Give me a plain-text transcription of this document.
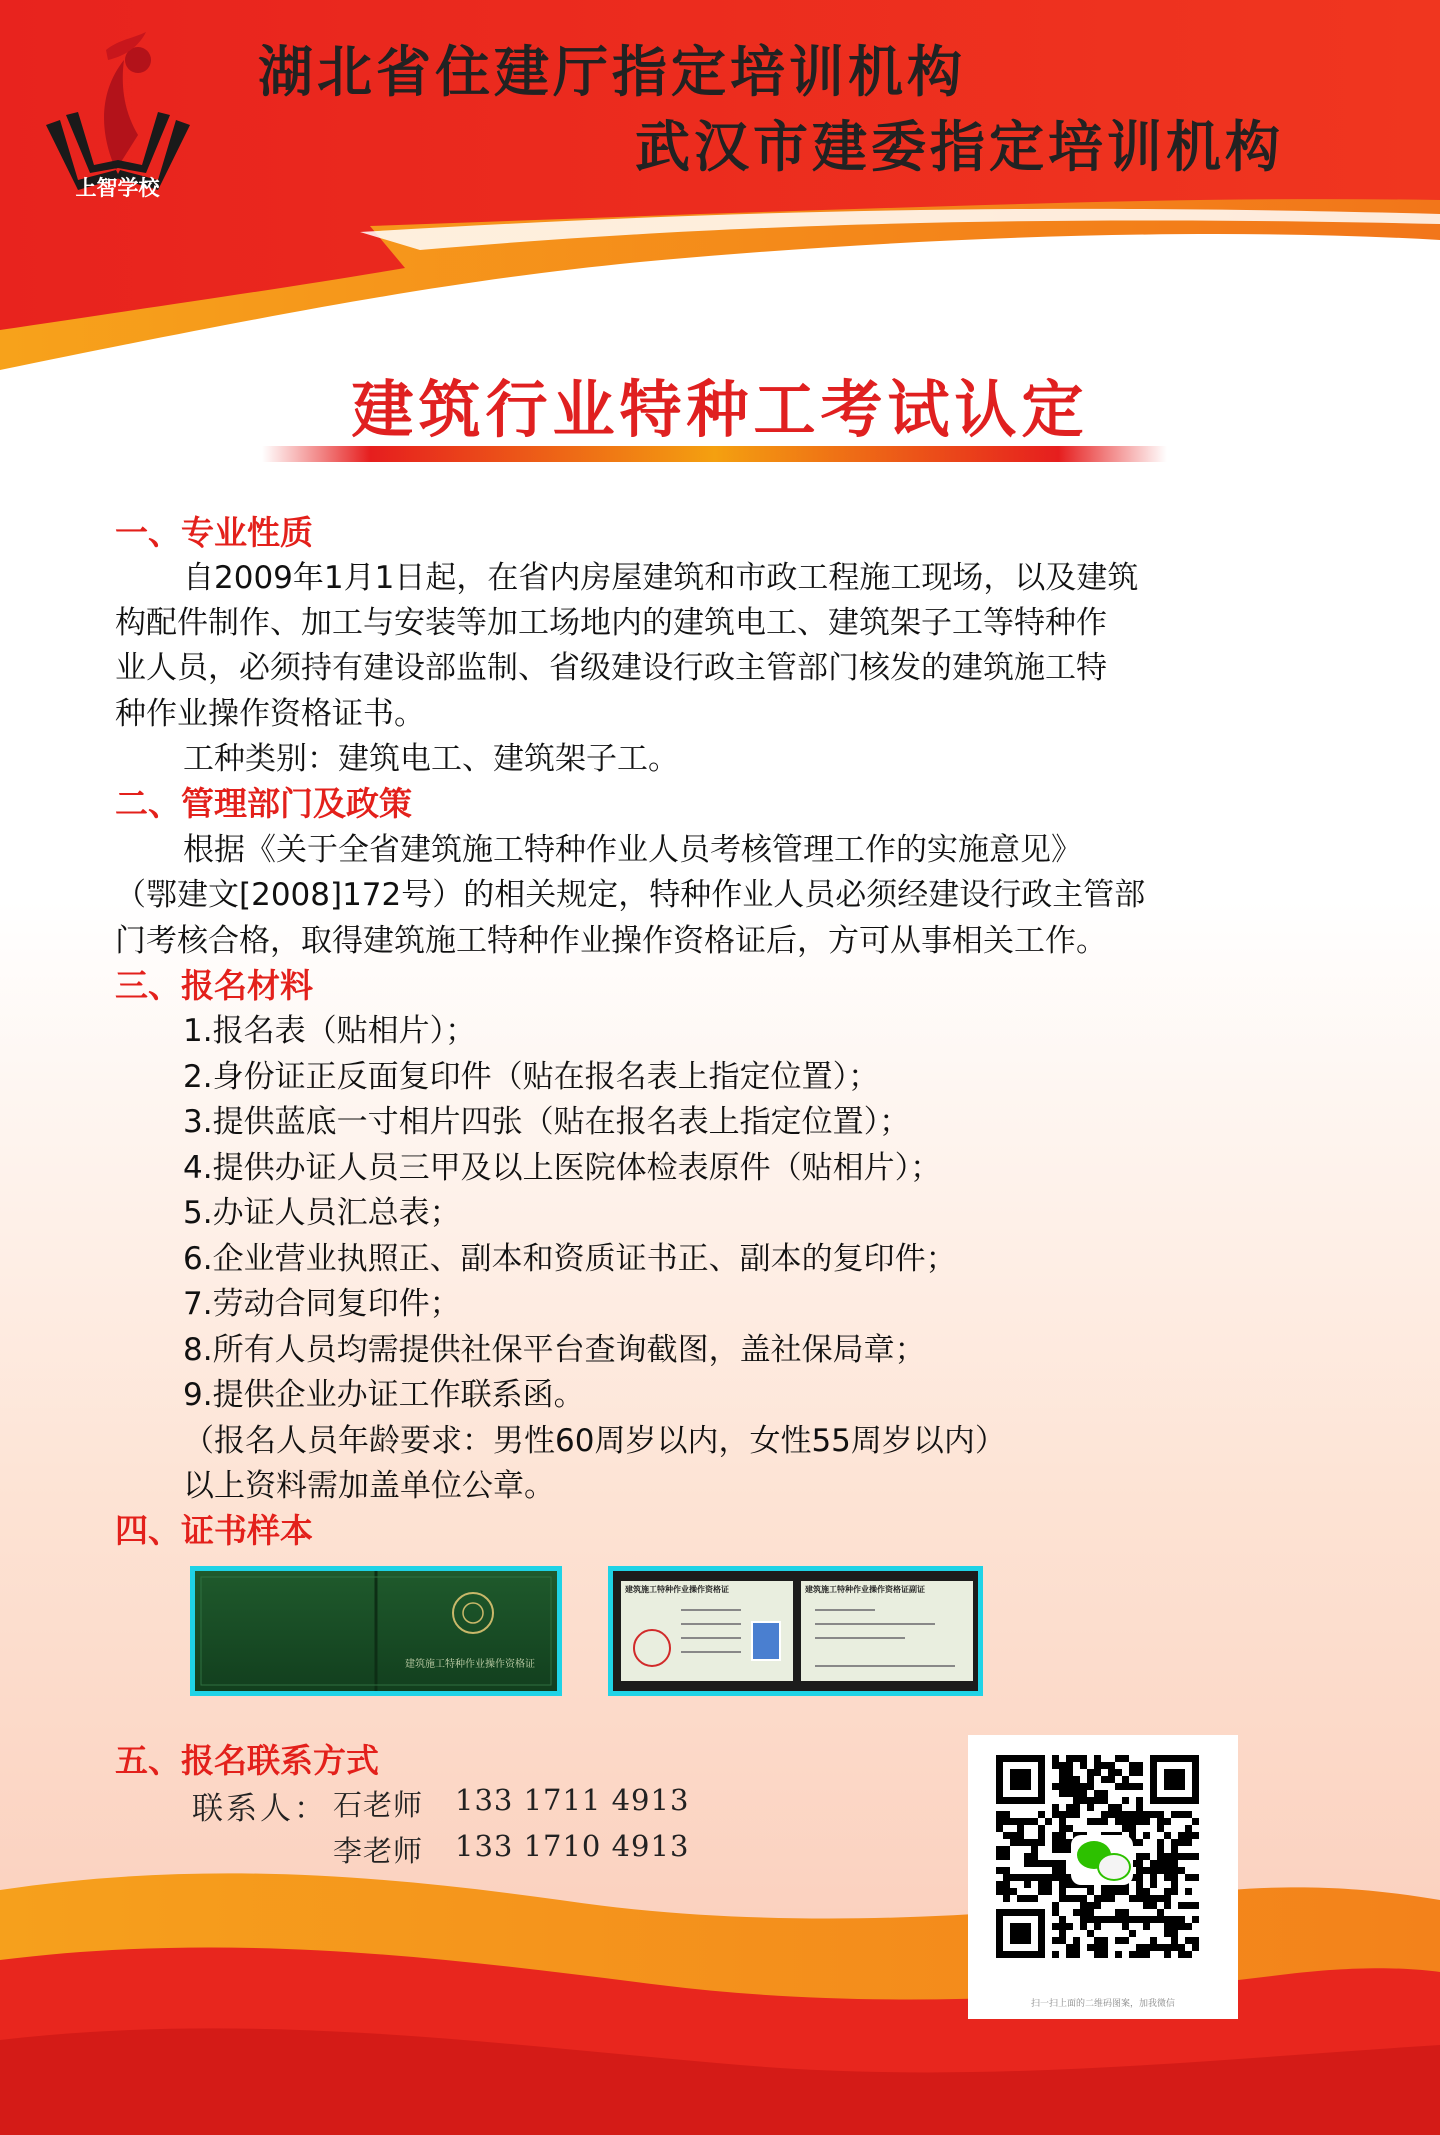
上智学校
湖北省住建厅指定培训机构
武汉市建委指定培训机构
建筑行业特种工考试认定
一、专业性质
自2009年1月1日起，在省内房屋建筑和市政工程施工现场，以及建筑
构配件制作、加工与安装等加工场地内的建筑电工、建筑架子工等特种作
业人员，必须持有建设部监制、省级建设行政主管部门核发的建筑施工特
种作业操作资格证书。
工种类别：建筑电工、建筑架子工。
二、管理部门及政策
根据《关于全省建筑施工特种作业人员考核管理工作的实施意见》
（鄂建文[2008]172号）的相关规定，特种作业人员必须经建设行政主管部
门考核合格，取得建筑施工特种作业操作资格证后，方可从事相关工作。
三、报名材料
1.报名表（贴相片）；
2.身份证正反面复印件（贴在报名表上指定位置）；
3.提供蓝底一寸相片四张（贴在报名表上指定位置）；
4.提供办证人员三甲及以上医院体检表原件（贴相片）；
5.办证人员汇总表；
6.企业营业执照正、副本和资质证书正、副本的复印件；
7.劳动合同复印件；
8.所有人员均需提供社保平台查询截图，盖社保局章；
9.提供企业办证工作联系函。
（报名人员年龄要求：男性60周岁以内，女性55周岁以内）
以上资料需加盖单位公章。
四、证书样本
建筑施工特种作业操作资格证
建筑施工特种作业操作资格证	建筑施工特种作业操作资格证副证
五、报名联系方式
联系人： 石老师 133 1711 4913
李老师 133 1710 4913
扫一扫上面的二维码图案，加我微信
